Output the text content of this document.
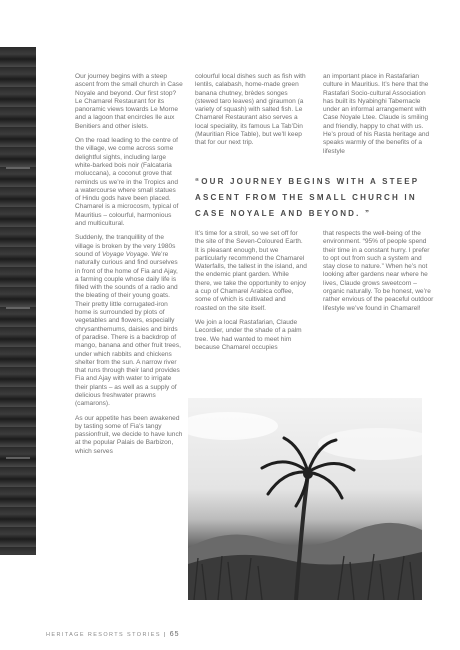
Our journey begins with a steep ascent from the small church in Case Noyale and beyond. Our first stop? Le Chamarel Restaurant for its panoramic views towards Le Morne and a lagoon that encircles Ile aux Benitiers and other islets.

On the road leading to the centre of the village, we come across some delightful sights, including large white-barked bois noir (Falcataria moluccana), a coconut grove that reminds us we’re in the Tropics and a watercourse where small statues of Hindu gods have been placed. Chamarel is a microcosm, typical of Mauritius – colourful, harmonious and multicultural.

Suddenly, the tranquillity of the village is broken by the very 1980s sound of Voyage Voyage. We’re naturally curious and find ourselves in front of the home of Fia and Ajay, a farming couple whose daily life is filled with the sounds of a radio and the bleating of their young goats. Their pretty little corrugated-iron home is surrounded by plots of vegetables and flowers, especially chrysanthemums, daisies and birds of paradise. There is a backdrop of mango, banana and other fruit trees, under which rabbits and chickens shelter from the sun. A narrow river that runs through their land provides Fia and Ajay with water to irrigate their plants – as well as a supply of delicious freshwater prawns (camarons).

As our appetite has been awakened by tasting some of Fia’s tangy passionfruit, we decide to have lunch at the popular Palais de Barbizon, which serves

colourful local dishes such as fish with lentils, calabash, home-made green banana chutney, brèdes songes (stewed taro leaves) and giraumon (a variety of squash) with salted fish. Le Chamarel Restaurant also serves a local speciality, its famous La Tab’Din (Mauritian Rice Table), but we’ll keep that for our next trip.

an important place in Rastafarian culture in Mauritius. It’s here that the Rastafari Socio-cultural Association has built its Nyabinghi Tabernacle under an informal arrangement with Case Noyale Ltee. Claude is smiling and friendly, happy to chat with us. He’s proud of his Rasta heritage and speaks warmly of the benefits of a lifestyle

“OUR JOURNEY BEGINS WITH A STEEP ASCENT FROM THE SMALL CHURCH IN CASE NOYALE AND BEYOND. ”

It’s time for a stroll, so we set off for the site of the Seven-Coloured Earth. It is pleasant enough, but we particularly recommend the Chamarel Waterfalls, the tallest in the island, and the endemic plant garden. While there, we take the opportunity to enjoy a cup of Chamarel Arabica coffee, some of which is cultivated and roasted on the site itself.

We join a local Rastafarian, Claude Lecordier, under the shade of a palm tree. We had wanted to meet him because Chamarel occupies

that respects the well-being of the environment. “95% of people spend their time in a constant hurry. I prefer to opt out from such a system and stay close to nature.” When he’s not looking after gardens near where he lives, Claude grows sweetcorn – organic naturally. To be honest, we’re rather envious of the peaceful outdoor lifestyle we’ve found in Chamarel!

HERITAGE RESORTS STORIES | 65
